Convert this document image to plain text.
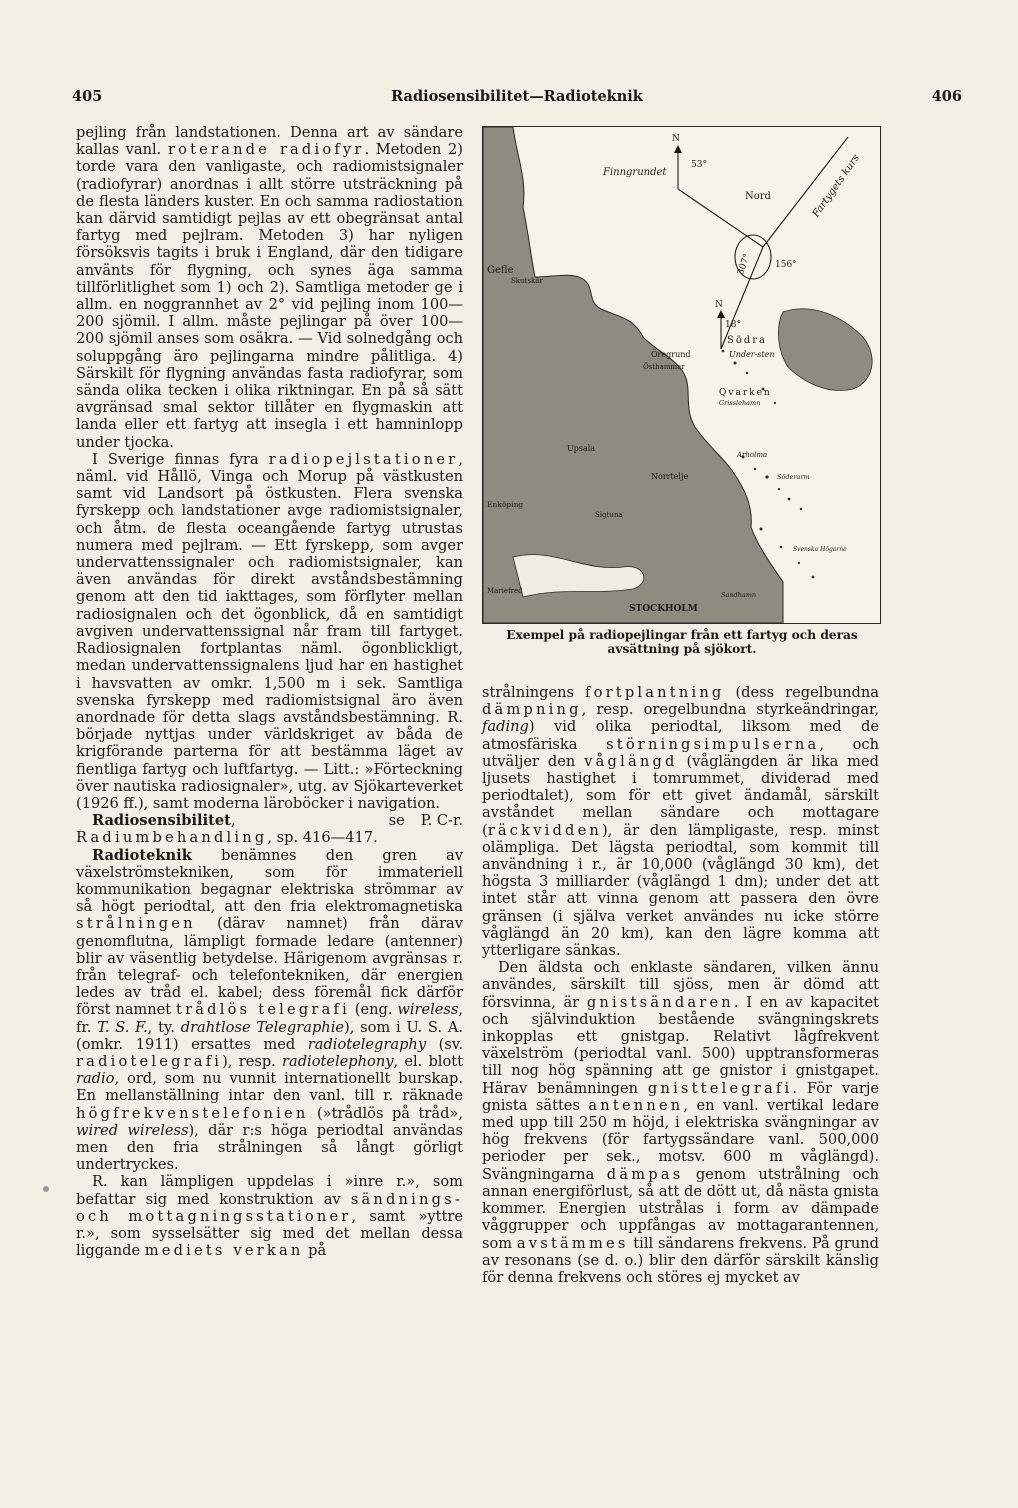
405	Radiosensibilitet—Radioteknik	406

pejling från landstationen. Denna art av sändare kallas vanl. roterande radiofyr. Metoden 2) torde vara den vanligaste, och radiomistsignaler (radiofyrar) anordnas i allt större utsträckning på de flesta länders kuster. En och samma radiostation kan därvid samtidigt pejlas av ett obegränsat antal fartyg med pejlram. Metoden 3) har nyligen försöksvis tagits i bruk i England, där den tidigare använts för flygning, och synes äga samma tillförlitlighet som 1) och 2). Samtliga metoder ge i allm. en noggrannhet av 2° vid pejling inom 100—200 sjömil. I allm. måste pejlingar på över 100—200 sjömil anses som osäkra. — Vid solnedgång och soluppgång äro pejlingarna mindre pålitliga. 4) Särskilt för flygning användas fasta radiofyrar, som sända olika tecken i olika riktningar. En på så sätt avgränsad smal sektor tillåter en flygmaskin att landa eller ett fartyg att insegla i ett hamninlopp under tjocka.

I Sverige finnas fyra radiopejlstationer, näml. vid Hållö, Vinga och Morup på västkusten samt vid Landsort på östkusten. Flera svenska fyrskepp och landstationer avge radiomistsignaler, och åtm. de flesta oceangående fartyg utrustas numera med pejlram. — Ett fyrskepp, som avger undervattenssignaler och radiomistsignaler, kan även användas för direkt avståndsbestämning genom att den tid iakttages, som förflyter mellan radiosignalen och det ögonblick, då en samtidigt avgiven undervattenssignal når fram till fartyget. Radiosignalen fortplantas näml. ögonblickligt, medan undervattenssignalens ljud har en hastighet i havsvatten av omkr. 1,500 m i sek. Samtliga svenska fyrskepp med radiomistsignal äro även anordnade för detta slags avståndsbestämning. R. började nyttjas under världskriget av båda de krigförande parterna för att bestämma läget av fientliga fartyg och luftfartyg. — Litt.: »Förteckning över nautiska radiosignaler», utg. av Sjökarteverket (1926 ff.), samt moderna läroböcker i navigation.
P. C-r.

Radiosensibilitet, se Radiumbehandling, sp. 416—417.

Radioteknik benämnes den gren av växelströmstekniken, som för immateriell kommunikation begagnar elektriska strömmar av så högt periodtal, att den fria elektromagnetiska strålningen (därav namnet) från därav genomflutna, lämpligt formade ledare (antenner) blir av väsentlig betydelse. Härigenom avgränsas r. från telegraf- och telefontekniken, där energien ledes av tråd el. kabel; dess föremål fick därför först namnet trådlös telegrafi (eng. wireless, fr. T. S. F., ty. drahtlose Telegraphie), som i U. S. A. (omkr. 1911) ersattes med radiotelegraphy (sv. radiotelegrafi), resp. radiotelephony, el. blott radio, ord, som nu vunnit internationellt burskap. En mellanställning intar den vanl. till r. räknade högfrekvenstelefonien (»trådlös på tråd», wired wireless), där r:s höga periodtal användas men den fria strålningen så långt görligt undertryckes.

R. kan lämpligen uppdelas i »inre r.», som befattar sig med konstruktion av sändnings- och mottagningsstationer, samt »yttre r.», som sysselsätter sig med det mellan dessa liggande mediets verkan på

Finngrundet
Nord	Fartygets kurs
Gefle
Skutskär
N
N
53°
18°
307° 156°
Södra
Under-sten
Öregrund
Östhammar
Qvarken
Grisslehamn
Arholma
Söderarm
Upsala
Norrtelje
Sigtuna
Enköping
Svenska Högarne
Mariefred
STOCKHOLM
Sandhamn
Exempel på radiopejlingar från ett fartyg och deras avsättning på sjökort.

strålningens fortplantning (dess regelbundna dämpning, resp. oregelbundna styrkeändringar, fading) vid olika periodtal, liksom med de atmosfäriska störningsimpulserna, och utväljer den våglängd (våglängden är lika med ljusets hastighet i tomrummet, dividerad med periodtalet), som för ett givet ändamål, särskilt avståndet mellan sändare och mottagare (räckvidden), är den lämpligaste, resp. minst olämpliga. Det lägsta periodtal, som kommit till användning i r., är 10,000 (våglängd 30 km), det högsta 3 milliarder (våglängd 1 dm); under det att intet står att vinna genom att passera den övre gränsen (i själva verket användes nu icke större våglängd än 20 km), kan den lägre komma att ytterligare sänkas.

Den äldsta och enklaste sändaren, vilken ännu användes, särskilt till sjöss, men är dömd att försvinna, är gnistsändaren. I en av kapacitet och självinduktion bestående svängningskrets inkopplas ett gnistgap. Relativt lågfrekvent växelström (periodtal vanl. 500) upptransformeras till nog hög spänning att ge gnistor i gnistgapet. Härav benämningen gnisttelegrafi. För varje gnista sättes antennen, en vanl. vertikal ledare med upp till 250 m höjd, i elektriska svängningar av hög frekvens (för fartygssändare vanl. 500,000 perioder per sek., motsv. 600 m våglängd). Svängningarna dämpas genom utstrålning och annan energiförlust, så att de dött ut, då nästa gnista kommer. Energien utstrålas i form av dämpade våggrupper och uppfångas av mottagarantennen, som avstämmes till sändarens frekvens. På grund av resonans (se d. o.) blir den därför särskilt känslig för denna frekvens och störes ej mycket av
